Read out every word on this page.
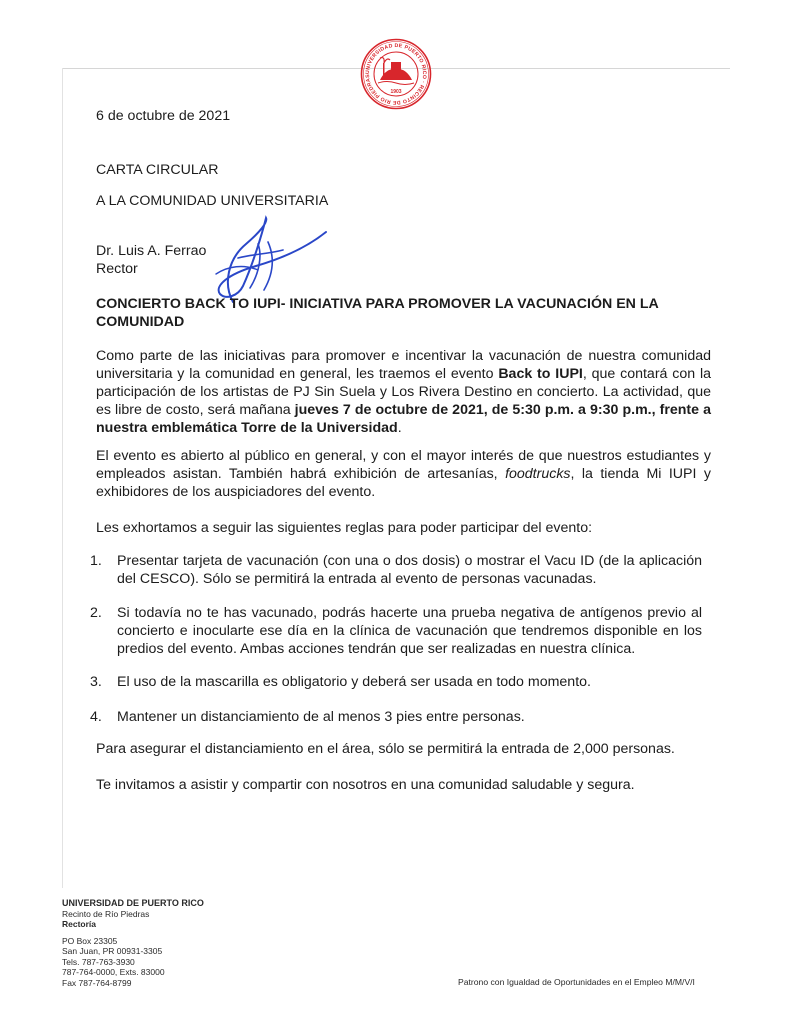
UNIVERSIDAD DE PUERTO RICO · RECINTO DE RIO PIEDRAS
1903

6 de octubre de 2021

CARTA CIRCULAR

A LA COMUNIDAD UNIVERSITARIA

Dr. Luis A. Ferrao

Rector

CONCIERTO BACK TO IUPI- INICIATIVA PARA PROMOVER LA VACUNACIÓN EN LA
COMUNIDAD

Como parte de las iniciativas para promover e incentivar la vacunación de nuestra comunidad universitaria y la comunidad en general, les traemos el evento Back to IUPI, que contará con la participación de los artistas de PJ Sin Suela y Los Rivera Destino en concierto. La actividad, que es libre de costo, será mañana jueves 7 de octubre de 2021, de 5:30 p.m. a 9:30 p.m., frente a nuestra emblemática Torre de la Universidad.

El evento es abierto al público en general, y con el mayor interés de que nuestros estudiantes y empleados asistan. También habrá exhibición de artesanías, foodtrucks, la tienda Mi IUPI y exhibidores de los auspiciadores del evento.

Les exhortamos a seguir las siguientes reglas para poder participar del evento:

1.	Presentar tarjeta de vacunación (con una o dos dosis) o mostrar el Vacu ID (de la aplicación del CESCO). Sólo se permitirá la entrada al evento de personas vacunadas.
2.	Si todavía no te has vacunado, podrás hacerte una prueba negativa de antígenos previo al concierto e inocularte ese día en la clínica de vacunación que tendremos disponible en los predios del evento. Ambas acciones tendrán que ser realizadas en nuestra clínica.
3.	El uso de la mascarilla es obligatorio y deberá ser usada en todo momento.
4.	Mantener un distanciamiento de al menos 3 pies entre personas.

Para asegurar el distanciamiento en el área, sólo se permitirá la entrada de 2,000 personas.

Te invitamos a asistir y compartir con nosotros en una comunidad saludable y segura.

UNIVERSIDAD DE PUERTO RICO
Recinto de Río Piedras
Rectoría
PO Box 23305
San Juan, PR 00931-3305
Tels. 787-763-3930
787-764-0000, Exts. 83000
Fax 787-764-8799	Patrono con Igualdad de Oportunidades en el Empleo M/M/V/I
